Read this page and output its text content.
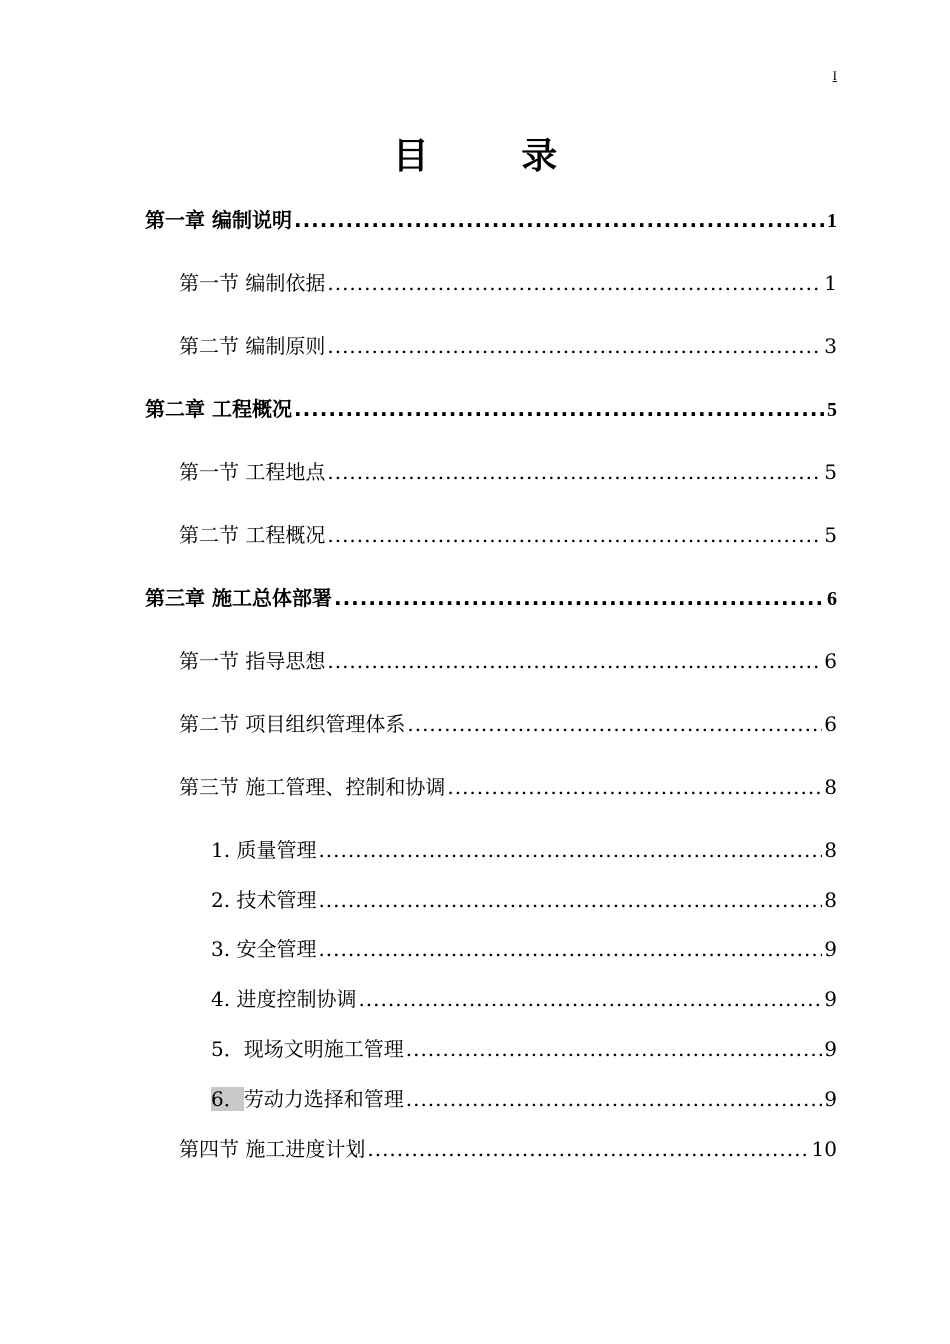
I
目 录
第一章 编制说明 .....	1
第一节 编制依据 .....	1
第二节 编制原则 .....	3
第二章 工程概况 .....	5
第一节 工程地点 .....	5
第二节 工程概况 .....	5
第三章 施工总体部署 .....	6
第一节 指导思想 .....	6
第二节 项目组织管理体系 .....	6
第三节 施工管理、控制和协调 .....	8
1. 质量管理 .....	8
2. 技术管理 .....	8
3. 安全管理 .....	9
4. 进度控制协调 .....	9
5．现场文明施工管理 .....	9
6．劳动力选择和管理 .....	9
第四节 施工进度计划 .....	10
